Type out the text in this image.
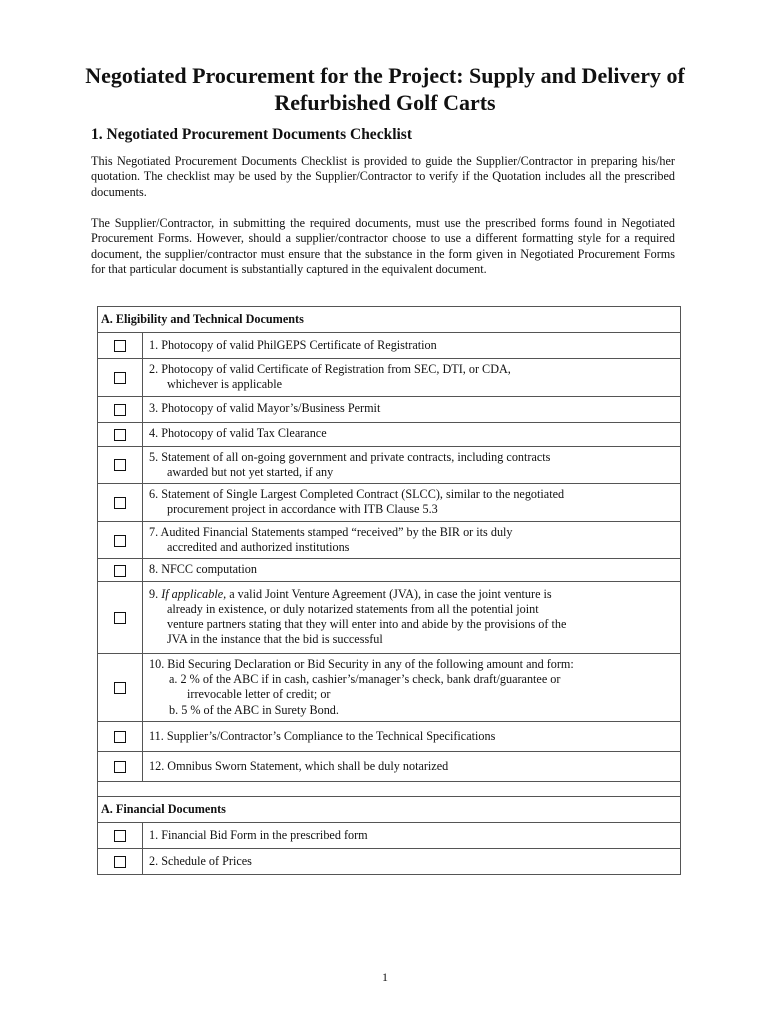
Negotiated Procurement for the Project: Supply and Delivery of Refurbished Golf Carts
1. Negotiated Procurement Documents Checklist

This Negotiated Procurement Documents Checklist is provided to guide the Supplier/Contractor in preparing his/her quotation. The checklist may be used by the Supplier/Contractor to verify if the Quotation includes all the prescribed documents.

The Supplier/Contractor, in submitting the required documents, must use the prescribed forms found in Negotiated Procurement Forms. However, should a supplier/contractor choose to use a different formatting style for a required document, the supplier/contractor must ensure that the substance in the form given in Negotiated Procurement Forms for that particular document is substantially captured in the equivalent document.

A. Eligibility and Technical Documents	
	1. Photocopy of valid PhilGEPS Certificate of Registration
	2. Photocopy of valid Certificate of Registration from SEC, DTI, or CDA,
whichever is applicable

	3. Photocopy of valid Mayor’s/Business Permit
	4. Photocopy of valid Tax Clearance
	5. Statement of all on-going government and private contracts, including contracts
awarded but not yet started, if any

	6. Statement of Single Largest Completed Contract (SLCC), similar to the negotiated
procurement project in accordance with ITB Clause 5.3

	7. Audited Financial Statements stamped “received” by the BIR or its duly
accredited and authorized institutions

	8. NFCC computation
	9. If applicable, a valid Joint Venture Agreement (JVA), in case the joint venture is
already in existence, or duly notarized statements from all the potential joint
venture partners stating that they will enter into and abide by the provisions of the
JVA in the instance that the bid is successful

	10. Bid Securing Declaration or Bid Security in any of the following amount and form:
a. 2 % of the ABC if in cash, cashier’s/manager’s check, bank draft/guarantee or
irrevocable letter of credit; or
b. 5 % of the ABC in Surety Bond.

	11. Supplier’s/Contractor’s Compliance to the Technical Specifications
	12. Omnibus Sworn Statement, which shall be duly notarized

A. Financial Documents	
	1. Financial Bid Form in the prescribed form
	2. Schedule of Prices
1
